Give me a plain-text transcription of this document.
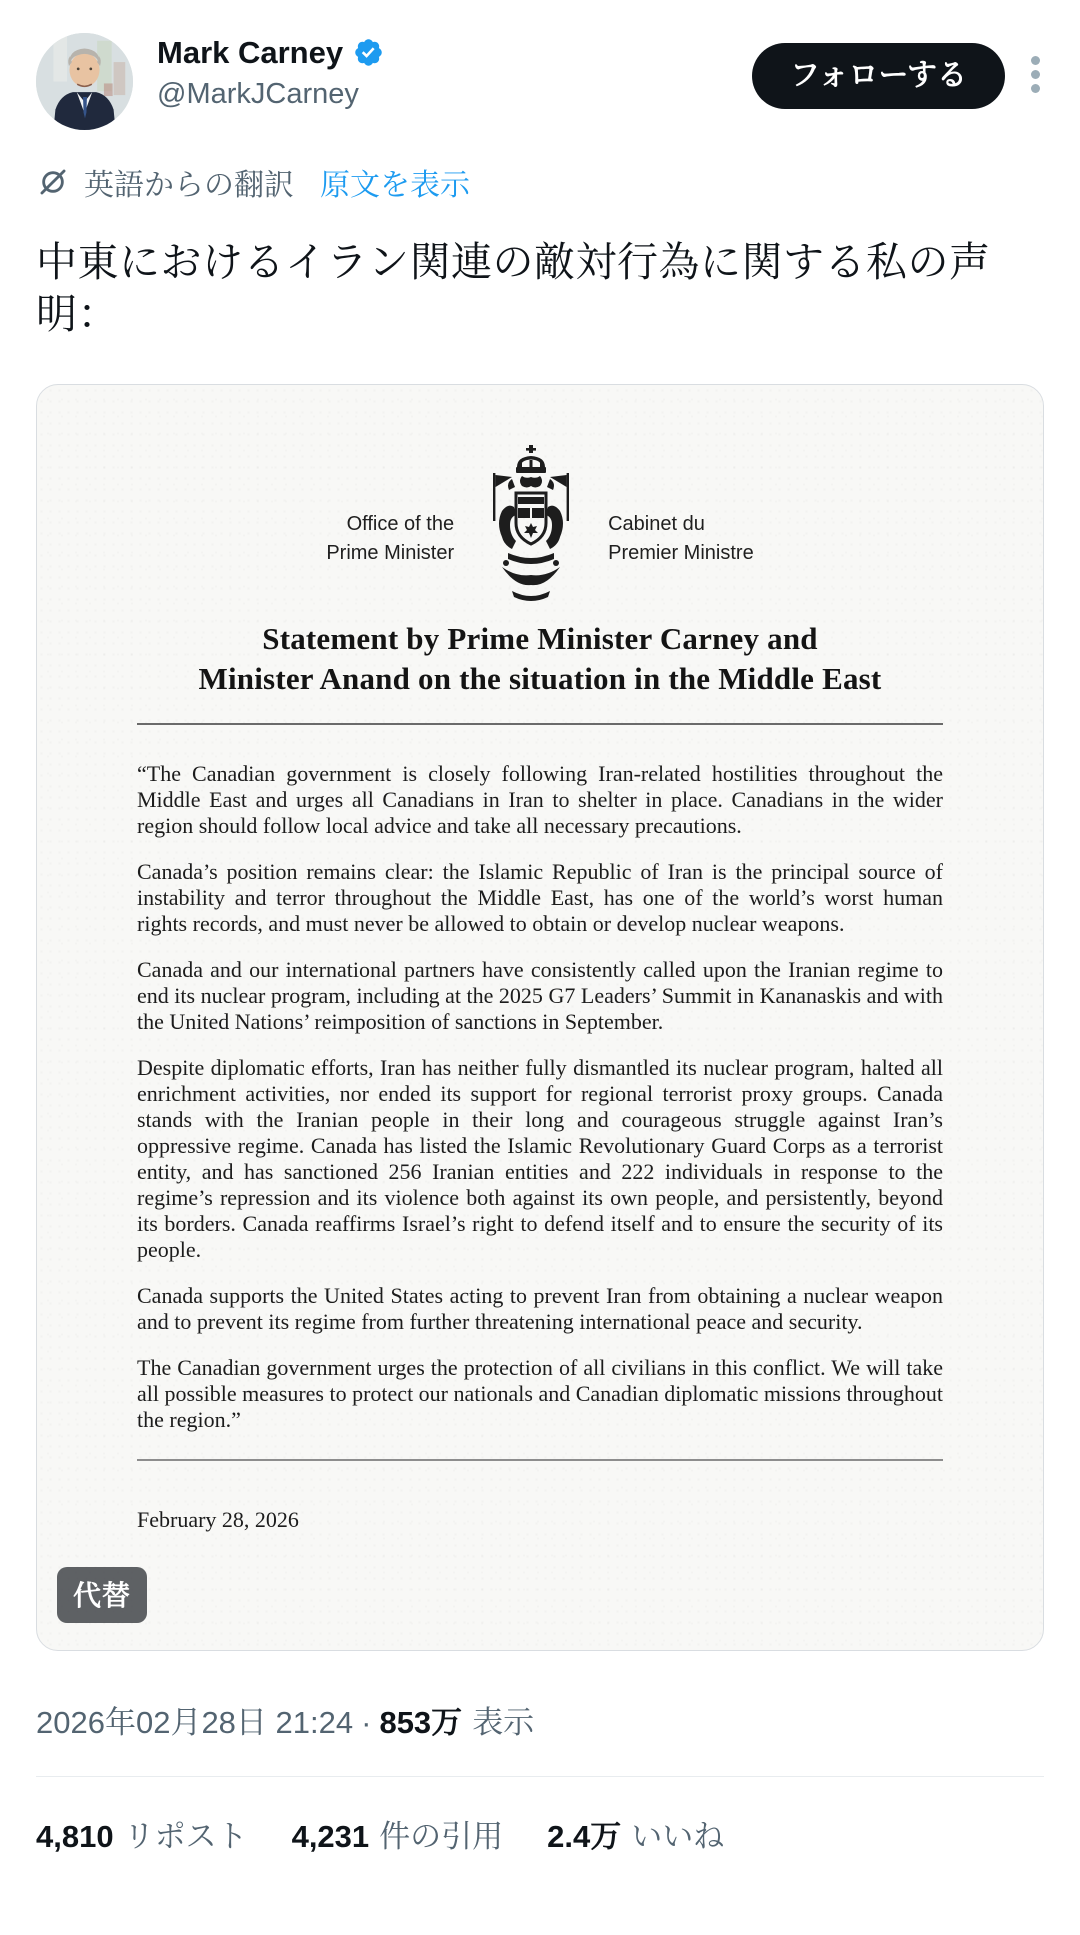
Mark Carney
@MarkJCarney
フォローする
英語からの翻訳 原文を表示
中東におけるイラン関連の敵対行為に関する私の声明：
Office of the
Prime Minister
Cabinet du
Premier Ministre
Statement by Prime Minister Carney and
Minister Anand on the situation in the Middle East

“The Canadian government is closely following Iran-related hostilities throughout the Middle East and urges all Canadians in Iran to shelter in place. Canadians in the wider region should follow local advice and take all necessary precautions.

Canada’s position remains clear: the Islamic Republic of Iran is the principal source of instability and terror throughout the Middle East, has one of the world’s worst human rights records, and must never be allowed to obtain or develop nuclear weapons.

Canada and our international partners have consistently called upon the Iranian regime to end its nuclear program, including at the 2025 G7 Leaders’ Summit in Kananaskis and with the United Nations’ reimposition of sanctions in September.

Despite diplomatic efforts, Iran has neither fully dismantled its nuclear program, halted all enrichment activities, nor ended its support for regional terrorist proxy groups. Canada stands with the Iranian people in their long and courageous struggle against Iran’s oppressive regime. Canada has listed the Islamic Revolutionary Guard Corps as a terrorist entity, and has sanctioned 256 Iranian entities and 222 individuals in response to the regime’s repression and its violence both against its own people, and persistently, beyond its borders. Canada reaffirms Israel’s right to defend itself and to ensure the security of its people.

Canada supports the United States acting to prevent Iran from obtaining a nuclear weapon and to prevent its regime from further threatening international peace and security.

The Canadian government urges the protection of all civilians in this conflict. We will take all possible measures to protect our nationals and Canadian diplomatic missions throughout the region.”

February 28, 2026
代替
2026年02月28日 21:24 · 853万 表示
4,810 リポスト 4,231 件の引用 2.4万 いいね
